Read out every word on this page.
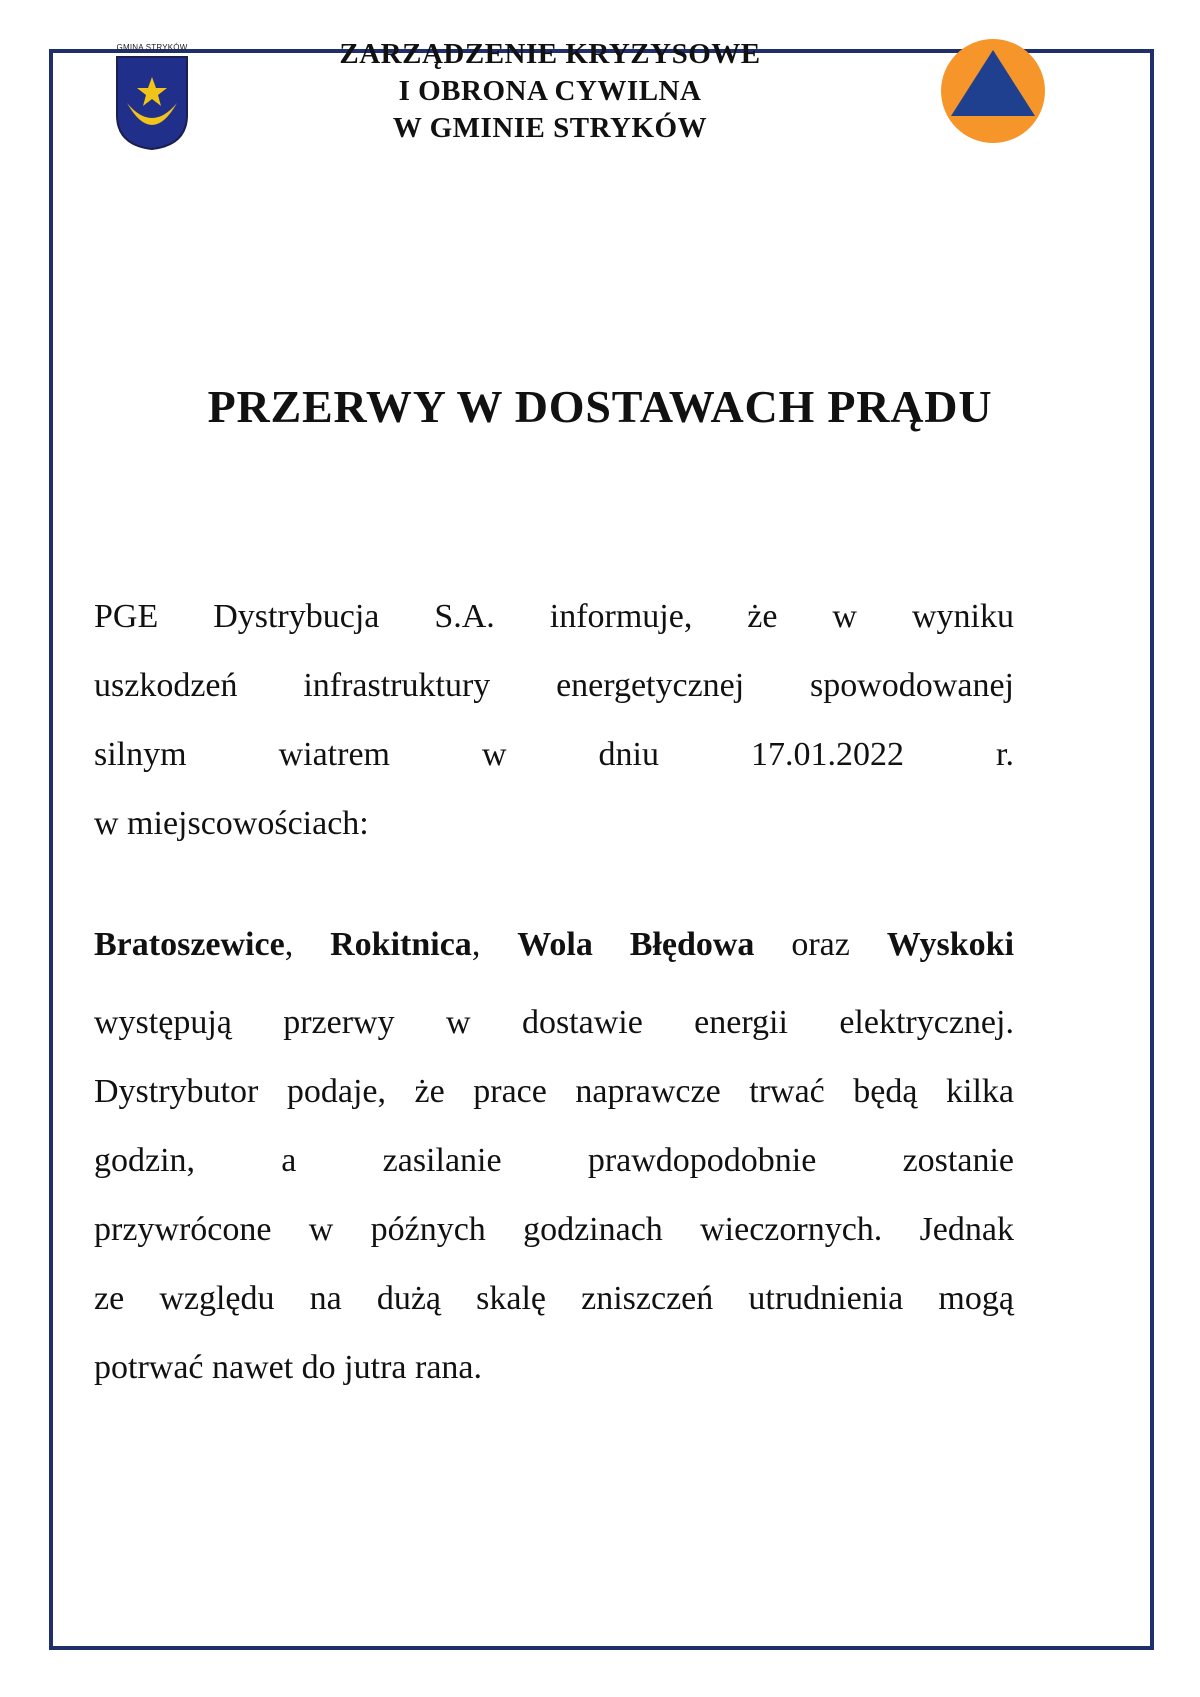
GMINA STRYKÓW	ZARZĄDZENIE KRYZYSOWE
I OBRONA CYWILNA
W GMINIE STRYKÓW
PRZERWY W DOSTAWACH PRĄDU
PGE Dystrybucja S.A. informuje, że w wyniku
uszkodzeń infrastruktury energetycznej spowodowanej
silnym	wiatrem	w	dniu	17.01.2022	r.
w miejscowościach:
Bratoszewice, Rokitnica, Wola Błędowa oraz Wyskoki
występują przerwy w dostawie energii elektrycznej.
Dystrybutor podaje, że prace naprawcze trwać będą kilka
godzin,	a	zasilanie	prawdopodobnie	zostanie
przywrócone w późnych godzinach wieczornych. Jednak
ze względu na dużą skalę zniszczeń utrudnienia mogą
potrwać nawet do jutra rana.
